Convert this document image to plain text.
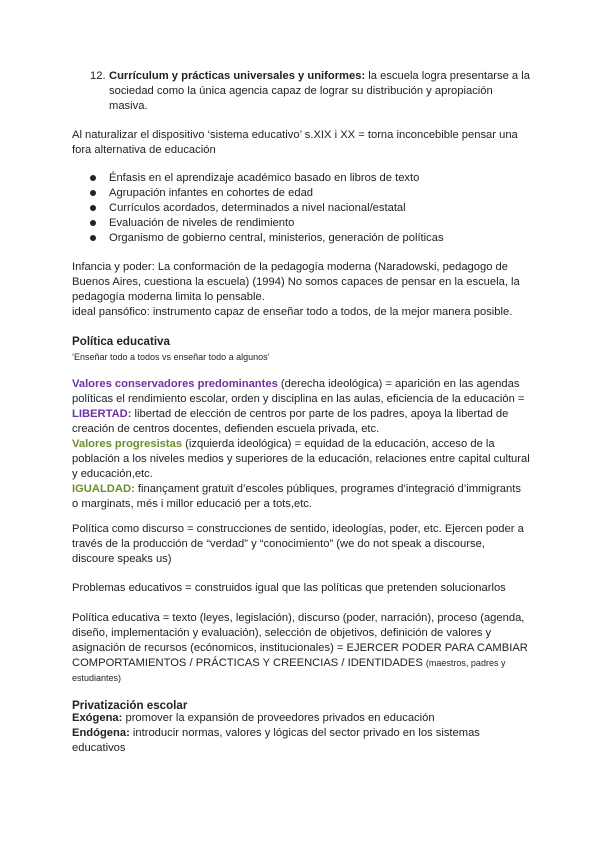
12. Currículum y prácticas universales y uniformes: la escuela logra presentarse a la sociedad como la única agencia capaz de lograr su distribución y apropiación masiva.

Al naturalizar el dispositivo ‘sistema educativo’ s.XIX i XX = torna inconcebible pensar una fora alternativa de educación

Énfasis en el aprendizaje académico basado en libros de texto
Agrupación infantes en cohortes de edad
Currículos acordados, determinados a nivel nacional/estatal
Evaluación de niveles de rendimiento
Organismo de gobierno central, ministerios, generación de políticas

Infancia y poder: La conformación de la pedagogía moderna (Naradowski, pedagogo de Buenos Aires, cuestiona la escuela) (1994) No somos capaces de pensar en la escuela, la pedagogía moderna limita lo pensable.

ideal pansófico: instrumento capaz de enseñar todo a todos, de la mejor manera posible.

Política educativa

‘Enseñar todo a todos vs enseñar todo a algunos’

Valores conservadores predominantes (derecha ideológica) = aparición en las agendas políticas el rendimiento escolar, orden y disciplina en las aulas, eficiencia de la educación = LIBERTAD: libertad de elección de centros por parte de los padres, apoya la libertad de creación de centros docentes, defienden escuela privada, etc.
Valores progresistas (izquierda ideológica) = equidad de la educación, acceso de la población a los niveles medios y superiores de la educación, relaciones entre capital cultural y educación,etc.
IGUALDAD: finançament gratuït d’escoles públiques, programes d’integració d’immigrants o marginats, més i millor educació per a tots,etc.

Política como discurso = construcciones de sentido, ideologías, poder, etc. Ejercen poder a través de la producción de “verdad” y “conocimiento” (we do not speak a discourse, discoure speaks us)

Problemas educativos = construidos igual que las políticas que pretenden solucionarlos

Política educativa = texto (leyes, legislación), discurso (poder, narración), proceso (agenda, diseño, implementación y evaluación), selección de objetivos, definición de valores y asignación de recursos (ecónomicos, institucionales) = EJERCER PODER PARA CAMBIAR COMPORTAMIENTOS / PRÁCTICAS Y CREENCIAS / IDENTIDADES (maestros, padres y estudiantes)

Privatización escolar

Exógena: promover la expansión de proveedores privados en educación

Endógena: introducir normas, valores y lógicas del sector privado en los sistemas educativos
